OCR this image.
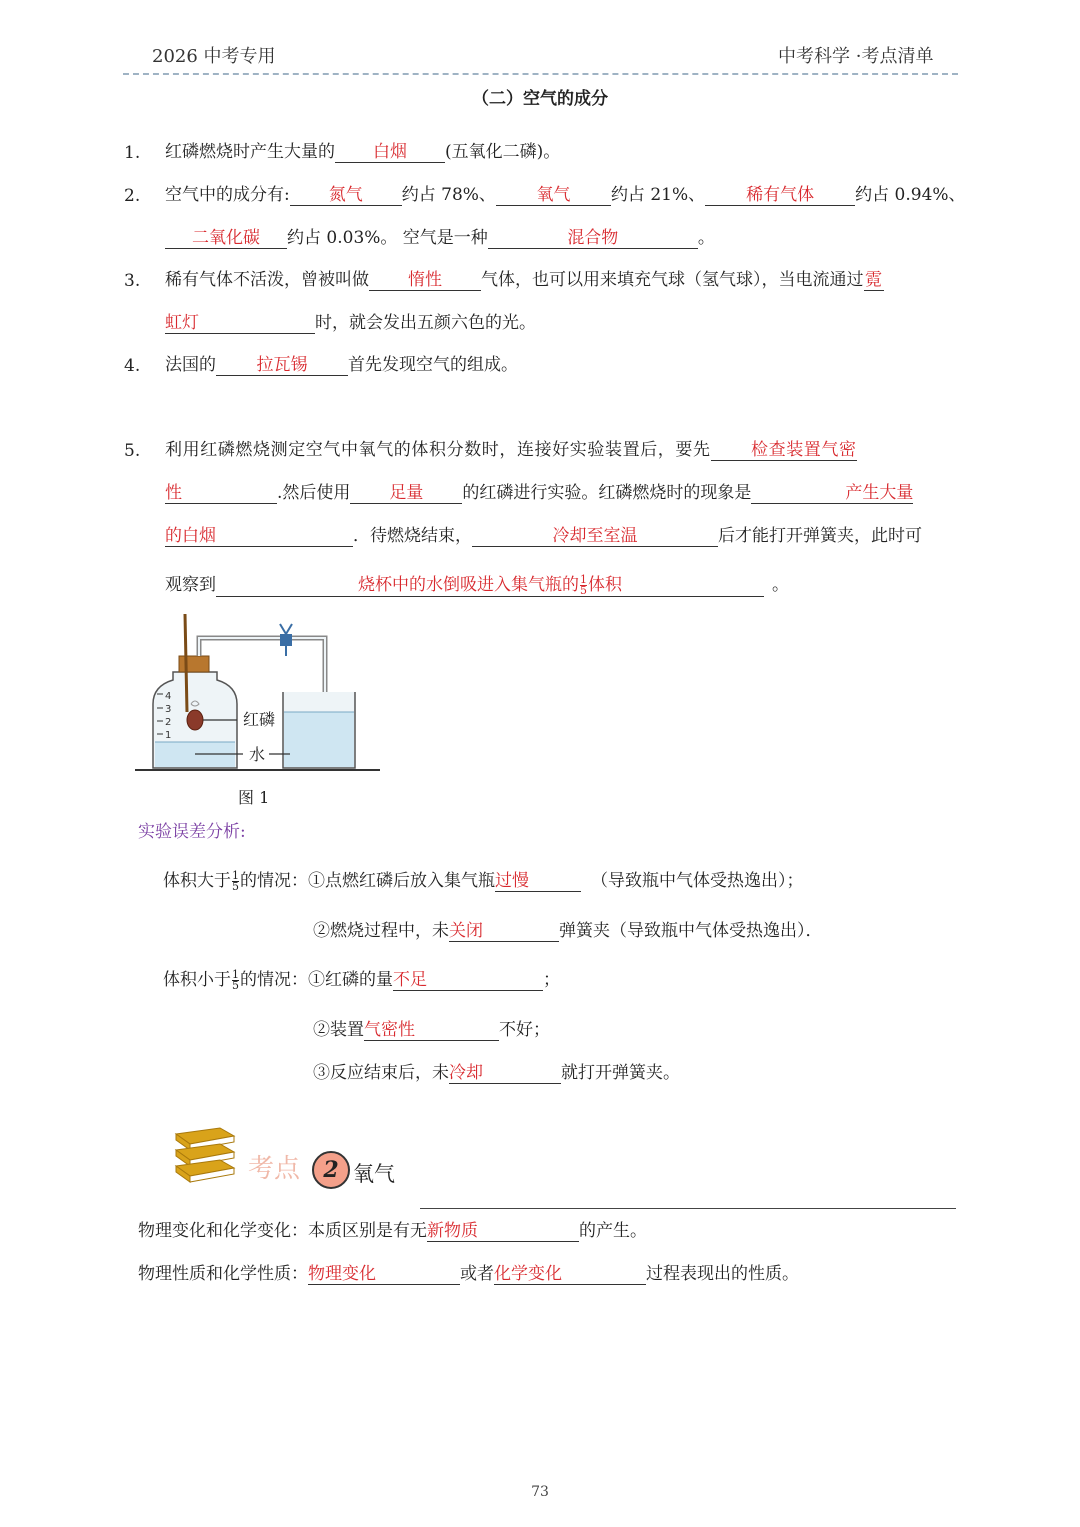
2026 中考专用	中考科学 ·考点清单
（二）空气的成分
1. 红磷燃烧时产生大量的 白烟 (五氧化二磷)。
2. 空气中的成分有: 氮气 约占 78%、 氧气 约占 21%、 稀有气体 约占 0.94%、
二氧化碳 约占 0.03%。 空气是一种	混合物	。
3. 稀有气体不活泼，曾被叫做 惰性 气体，也可以用来填充气球（氢气球），当电流通过霓
虹灯	时，就会发出五颜六色的光。
4. 法国的 拉瓦锡 首先发现空气的组成。
5. 利用红磷燃烧测定空气中氧气的体积分数时，连接好实验装置后，要先 检查装置气密
性	.然后使用 足量 的红磷进行实验。红磷燃烧时的现象是	产生大量
的白烟	．待燃烧结束，	冷却至室温	后才能打开弹簧夹，此时可
观察到	烧杯中的水倒吸进入集气瓶的 $\frac{1}{5}$ 体积	。
4
3
2
1
红磷
水
图 1
实验误差分析:
体积大于 $\frac{1}{5}$ 的情况：①点燃红磷后放入集气瓶过慢	（导致瓶中气体受热逸出）；
②燃烧过程中，未关闭	弹簧夹（导致瓶中气体受热逸出）．
体积小于 $\frac{1}{5}$ 的情况：①红磷的量不足	；
②装置气密性	不好；
③反应结束后，未冷却	就打开弹簧夹。
考点	2 氧气
物理变化和化学变化：本质区别是有无新物质	的产生。
物理性质和化学性质：物理变化	或者化学变化	过程表现出的性质。
73
